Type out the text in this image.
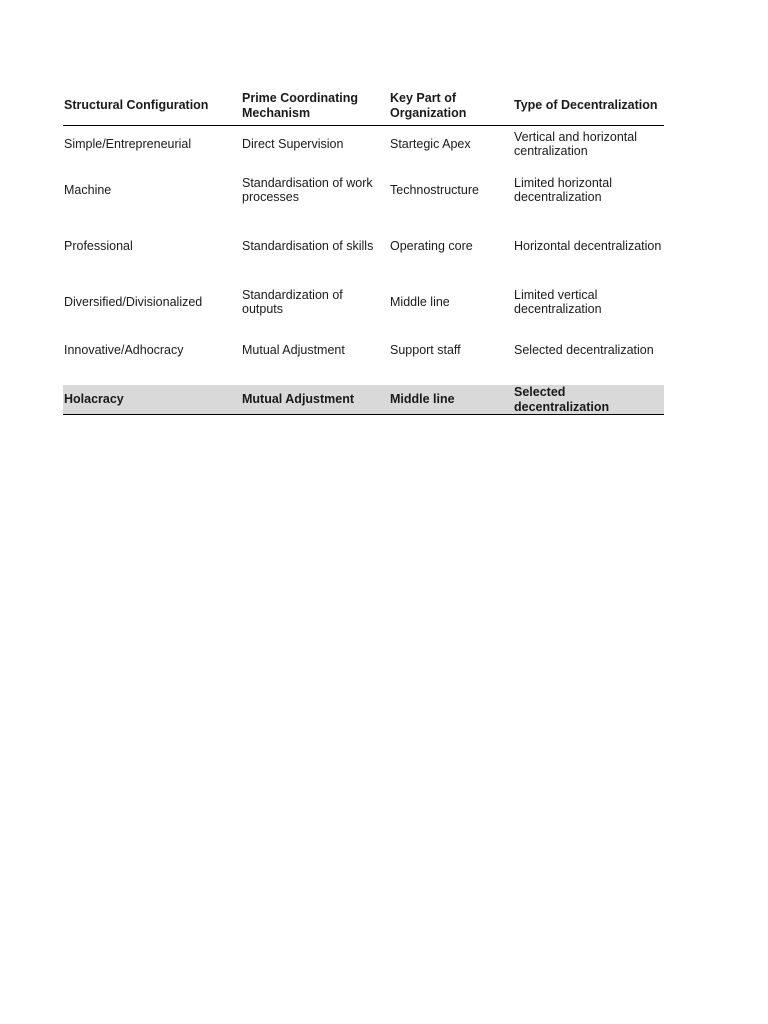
Structural Configuration	Prime Coordinating Mechanism	Key Part of Organization	Type of Decentralization
Simple/Entrepreneurial	Direct Supervision	Startegic Apex	Vertical and horizontal centralization
Machine	Standardisation of work processes	Technostructure	Limited horizontal decentralization
Professional	Standardisation of skills	Operating core	Horizontal decentralization
Diversified/Divisionalized	Standardization of outputs	Middle line	Limited vertical decentralization
Innovative/Adhocracy	Mutual Adjustment	Support staff	Selected decentralization

Holacracy	Mutual Adjustment	Middle line	Selected decentralization
